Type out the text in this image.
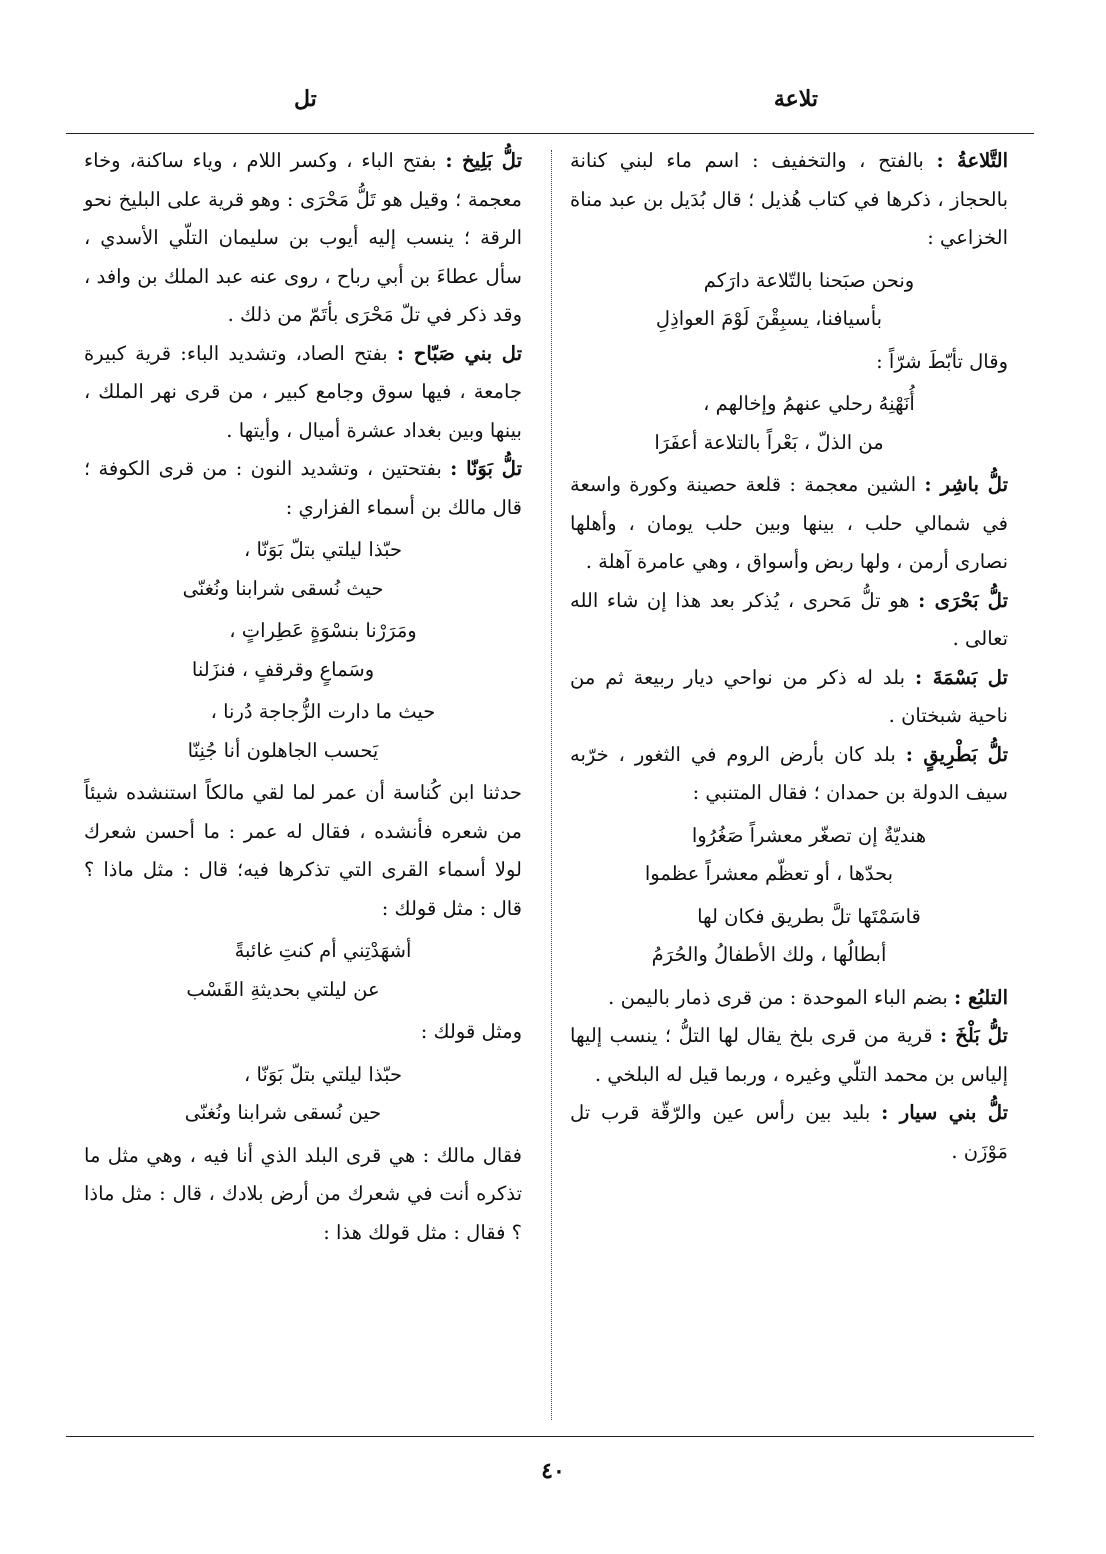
تلاعة
تل

التَّلاعةُ : بالفتح ، والتخفيف : اسم ماء لبني كنانة بالحجاز ، ذكرها في كتاب هُذيل ؛ قال بُدَيل بن عبد مناة الخزاعي :

ونحن صبَحنا بالتّلاعة دارَكم
بأسيافنا، يسبِقْنَ لَوْمَ العواذِلِ

وقال تأبّطَ شرّاً :

أُنَهْنِهُ رحلي عنهمُ وإخالهم ،
من الذلّ ، بَعْراً بالتلاعة أعفَرَا

تلُّ باشِر : الشين معجمة : قلعة حصينة وكورة واسعة في شمالي حلب ، بينها وبين حلب يومان ، وأهلها نصارى أرمن ، ولها ربض وأسواق ، وهي عامرة آهلة .

تلُّ بَحْرَى : هو تلُّ مَحرى ، يُذكر بعد هذا إن شاء الله تعالى .

تل بَسْمَةَ : بلد له ذكر من نواحي ديار ربيعة ثم من ناحية شبختان .

تلُّ بَطْرِيقٍ : بلد كان بأرض الروم في الثغور ، خرّبه سيف الدولة بن حمدان ؛ فقال المتنبي :

هنديّةٌ إن تصغّر معشراً صَغُرُوا
بحدّها ، أو تعظّم معشراً عظموا
قاسَمْتَها تلَّ بطريق فكان لها
أبطالُها ، ولك الأطفالُ والحُرَمُ

التلبُع : بضم الباء الموحدة : من قرى ذمار باليمن .

تلُّ بَلْخَ : قرية من قرى بلخ يقال لها التلُّ ؛ ينسب إليها إلياس بن محمد التلّي وغيره ، وربما قيل له البلخي .

تلُّ بني سيار : بليد بين رأس عين والرّقّة قرب تل مَوْزَن .

تلُّ بَلِيخ : بفتح الباء ، وكسر اللام ، وياء ساكنة، وخاء معجمة ؛ وقيل هو تَلُّ مَحْرَى : وهو قرية على البليخ نحو الرقة ؛ ينسب إليه أيوب بن سليمان التلّي الأسدي ، سأل عطاءَ بن أبي رباح ، روى عنه عبد الملك بن وافد ، وقد ذكر في تلّ مَحْرَى بأتَمّ من ذلك .

تل بني صَبّاح : بفتح الصاد، وتشديد الباء: قرية كبيرة جامعة ، فيها سوق وجامع كبير ، من قرى نهر الملك ، بينها وبين بغداد عشرة أميال ، وأيتها .

تلُّ بَوَنّا : بفتحتين ، وتشديد النون : من قرى الكوفة ؛ قال مالك بن أسماء الفزاري :

حبّذا ليلتي بتلّ بَوَنّا ،
حيث نُسقى شرابنا ونُغنّى
ومَرَرْنا بنسْوَةٍ عَطِراتٍ ،
وسَماعٍ وقرقفٍ ، فنزَلنا
حيث ما دارت الزُّجاجة دُرنا ،
يَحسب الجاهلون أنا جُنِنّا

حدثنا ابن كُناسة أن عمر لما لقي مالكاً استنشده شيئاً من شعره فأنشده ، فقال له عمر : ما أحسن شعرك لولا أسماء القرى التي تذكرها فيه؛ قال : مثل ماذا ؟ قال : مثل قولك :

أشهَدْتِني أم كنتِ غائبةً
عن ليلتي بحديثةِ القَسْب

ومثل قولك :

حبّذا ليلتي بتلّ بَوَنّا ،
حين نُسقى شرابنا ونُغنّى

فقال مالك : هي قرى البلد الذي أنا فيه ، وهي مثل ما تذكره أنت في شعرك من أرض بلادك ، قال : مثل ماذا ؟ فقال : مثل قولك هذا :

٤٠
